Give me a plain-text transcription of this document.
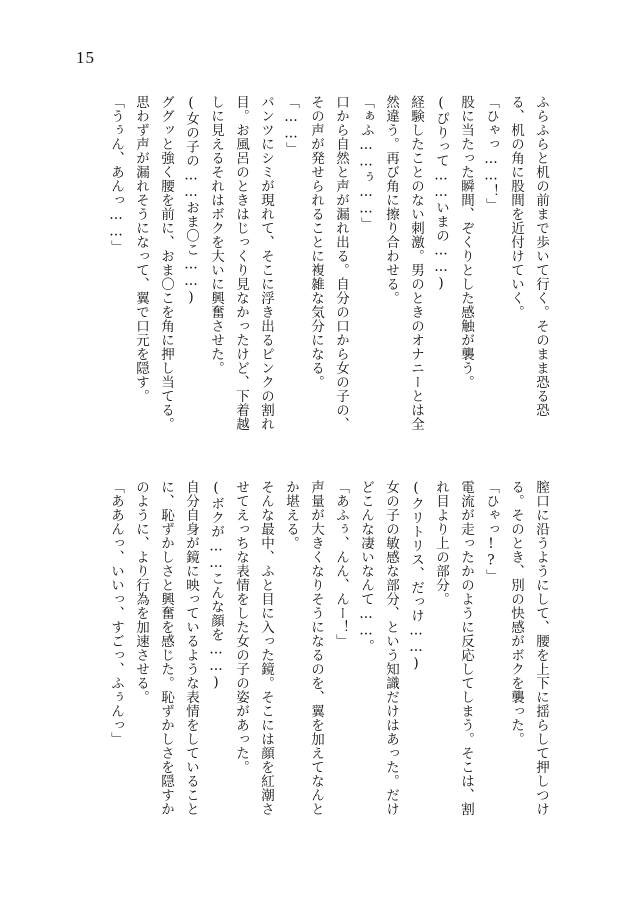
15

ふらふらと机の前まで歩いて行く。そのまま恐る恐る、机の角に股間を近付けていく。

「ひゃっ……！」

股に当たった瞬間、ぞくりとした感触が襲う。

(ぴりって……いまの……)

経験したことのない刺激。男のときのオナニーとは全然違う。再び角に擦り合わせる。

「ぁふ……ぅ……」

口から自然と声が漏れ出る。自分の口から女の子の、その声が発せられることに複雑な気分になる。

「……」

パンツにシミが現れて、そこに浮き出るピンクの割れ目。お風呂のときはじっくり見なかったけど、下着越しに見えるそれはボクを大いに興奮させた。

(女の子の……おま〇こ……)

ググッと強く腰を前に、おま〇こを角に押し当てる。思わず声が漏れそうになって、翼で口元を隠す。

「うぅん、あんっ……」

膣口に沿うようにして、腰を上下に揺らして押しつける。そのとき、別の快感がボクを襲った。

「ひゃっ!?」

電流が走ったかのように反応してしまう。そこは、割れ目より上の部分。

(クリトリス、だっけ……)

女の子の敏感な部分、という知識だけはあった。だけどこんな凄いなんて……。

「あふぅ、んん、んー！」

声量が大きくなりそうになるのを、翼を加えてなんとか堪える。

そんな最中、ふと目に入った鏡。そこには顔を紅潮させてえっちな表情をした女の子の姿があった。

(ボクが……こんな顔を……)

自分自身が鏡に映っているような表情をしていることに、恥ずかしさと興奮を感じた。恥ずかしさを隠すかのように、より行為を加速させる。

「ああんっ、いいっ、すごっ、ふぅんっ」
